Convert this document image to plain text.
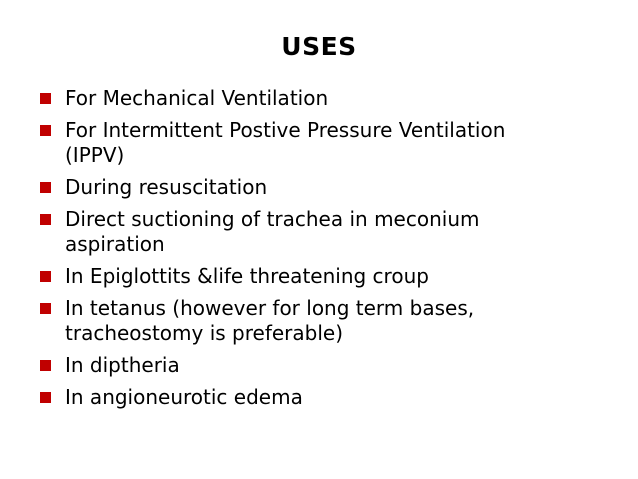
USES
For Mechanical Ventilation
For Intermittent Postive Pressure Ventilation
(IPPV)
During resuscitation
Direct suctioning of trachea in meconium
aspiration
In Epiglottits &life threatening croup
In tetanus (however for long term bases,
tracheostomy is preferable)
In diptheria
In angioneurotic edema
